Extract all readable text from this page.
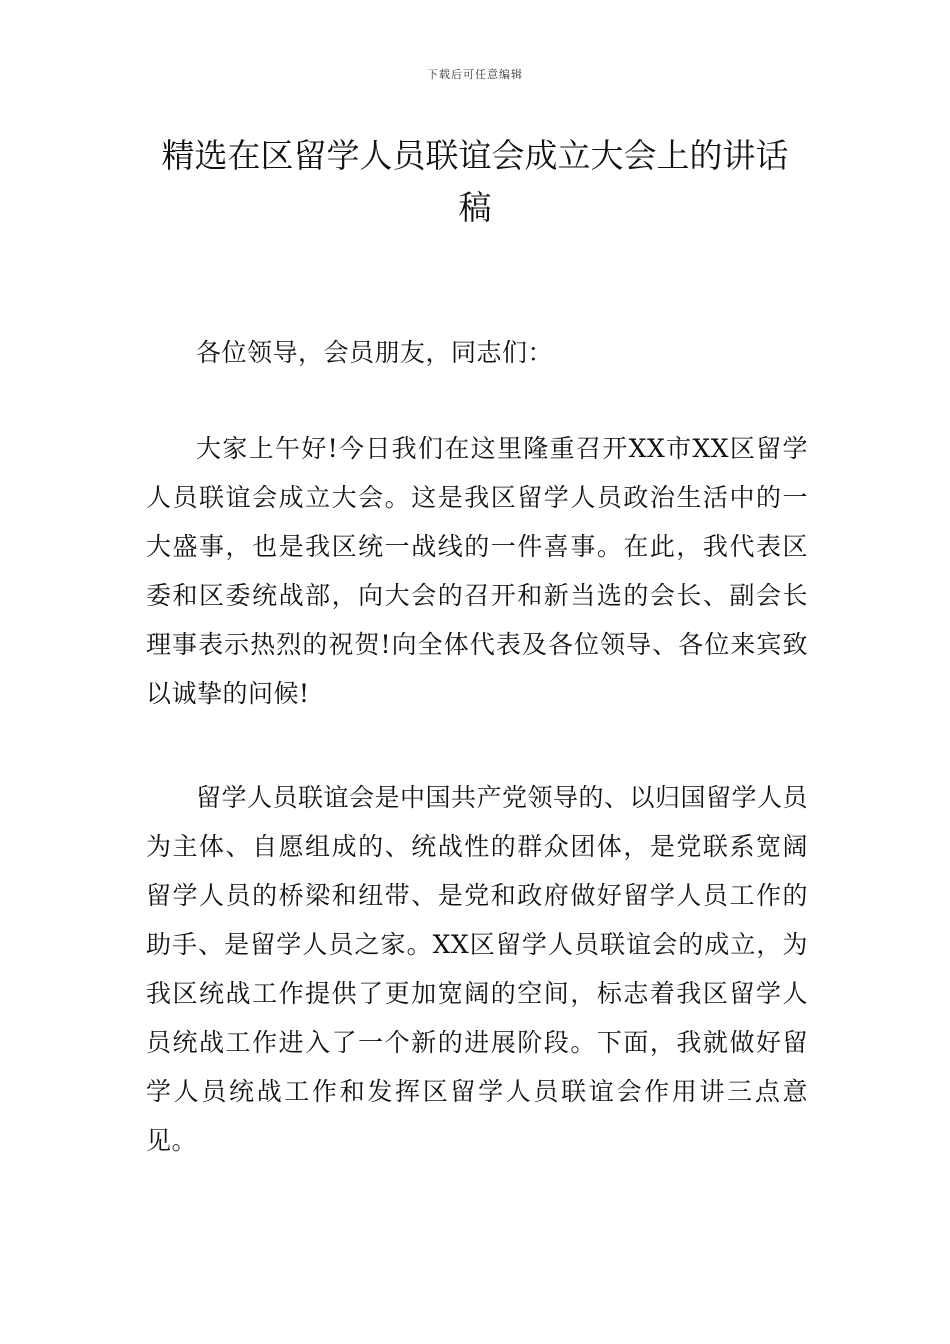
下载后可任意编辑
精选在区留学人员联谊会成立大会上的讲话稿

各位领导，会员朋友，同志们：

大家上午好!今日我们在这里隆重召开XX市XX区留学人员联谊会成立大会。这是我区留学人员政治生活中的一大盛事，也是我区统一战线的一件喜事。在此，我代表区委和区委统战部，向大会的召开和新当选的会长、副会长理事表示热烈的祝贺!向全体代表及各位领导、各位来宾致以诚挚的问候!

留学人员联谊会是中国共产党领导的、以归国留学人员为主体、自愿组成的、统战性的群众团体，是党联系宽阔留学人员的桥梁和纽带、是党和政府做好留学人员工作的助手、是留学人员之家。XX区留学人员联谊会的成立，为我区统战工作提供了更加宽阔的空间，标志着我区留学人员统战工作进入了一个新的进展阶段。下面，我就做好留学人员统战工作和发挥区留学人员联谊会作用讲三点意见。
